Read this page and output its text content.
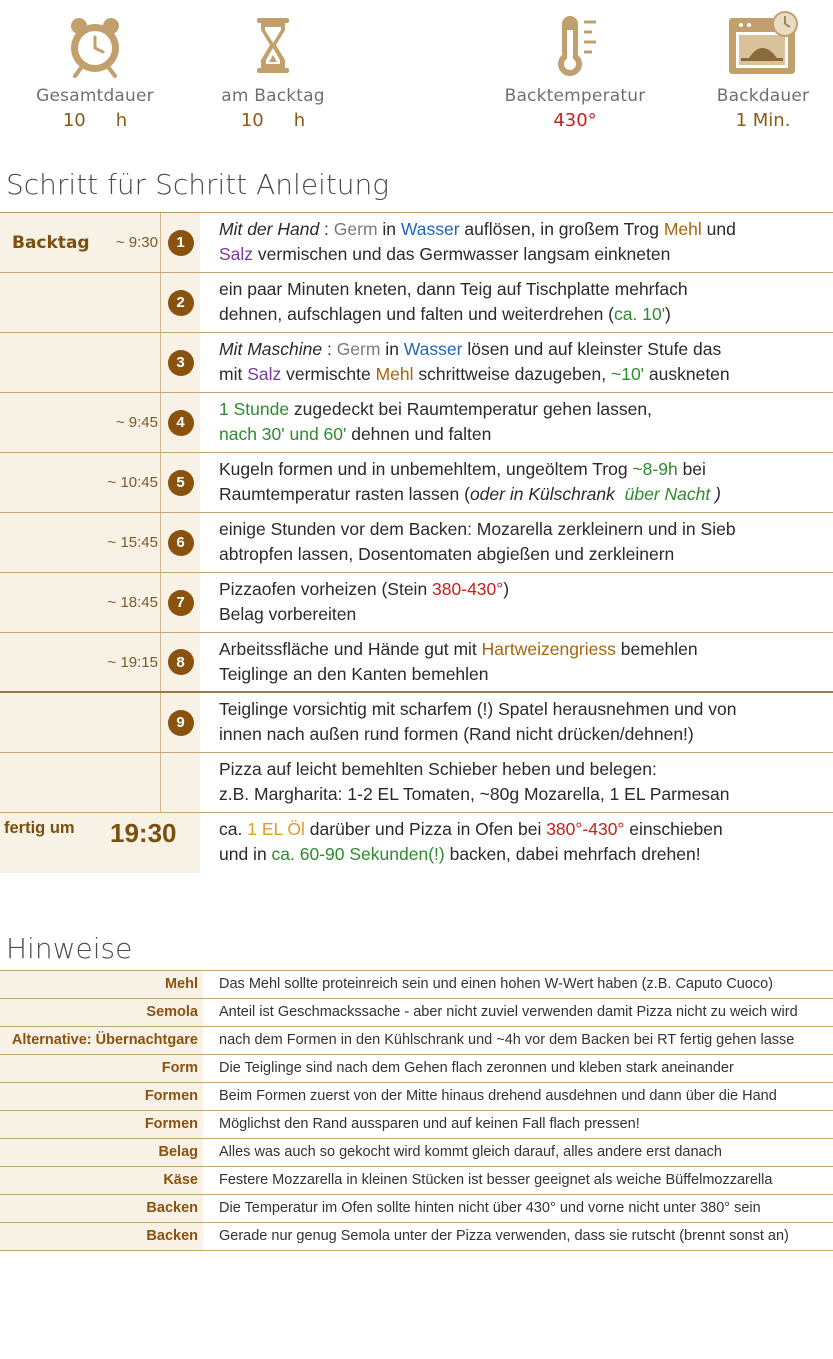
Gesamtdauer
10 h
am Backtag
10 h
Backtemperatur
430°
Backdauer
1 Min.
Schritt für Schritt Anleitung
Backtag	~ 9:30	1
Mit der Hand : Germ in Wasser auflösen, in großem Trog Mehl und
Salz vermischen und das Germwasser langsam einkneten
2
ein paar Minuten kneten, dann Teig auf Tischplatte mehrfach
dehnen, aufschlagen und falten und weiterdrehen (ca. 10')
3
Mit Maschine : Germ in Wasser lösen und auf kleinster Stufe das
mit Salz vermischte Mehl schrittweise dazugeben, ~10' auskneten
~ 9:45	4
1 Stunde zugedeckt bei Raumtemperatur gehen lassen,
nach 30' und 60' dehnen und falten
~ 10:45	5
Kugeln formen und in unbemehltem, ungeöltem Trog ~8-9h bei
Raumtemperatur rasten lassen (oder in Külschrank  über Nacht )
~ 15:45	6
einige Stunden vor dem Backen: Mozarella zerkleinern und in Sieb
abtropfen lassen, Dosentomaten abgießen und zerkleinern
~ 18:45	7
Pizzaofen vorheizen (Stein 380-430°)
Belag vorbereiten
~ 19:15	8
Arbeitssfläche und Hände gut mit Hartweizengriess bemehlen
Teiglinge an den Kanten bemehlen
9
Teiglinge vorsichtig mit scharfem (!) Spatel herausnehmen und von
innen nach außen rund formen (Rand nicht drücken/dehnen!)
Pizza auf leicht bemehlten Schieber heben und belegen:
z.B. Margharita: 1-2 EL Tomaten, ~80g Mozarella, 1 EL Parmesan
fertig um 19:30 ca. 1 EL Öl darüber und Pizza in Ofen bei 380°-430° einschieben
und in ca. 60-90 Sekunden(!) backen, dabei mehrfach drehen!
Hinweise
Mehl	Das Mehl sollte proteinreich sein und einen hohen W-Wert haben (z.B. Caputo Cuoco)
Semola	Anteil ist Geschmackssache - aber nicht zuviel verwenden damit Pizza nicht zu weich wird
Alternative: Übernachtgare	nach dem Formen in den Kühlschrank und ~4h vor dem Backen bei RT fertig gehen lasse
Form	Die Teiglinge sind nach dem Gehen flach zeronnen und kleben stark aneinander
Formen	Beim Formen zuerst von der Mitte hinaus drehend ausdehnen und dann über die Hand
Formen	Möglichst den Rand aussparen und auf keinen Fall flach pressen!
Belag	Alles was auch so gekocht wird kommt gleich darauf, alles andere erst danach
Käse	Festere Mozzarella in kleinen Stücken ist besser geeignet als weiche Büffelmozzarella
Backen	Die Temperatur im Ofen sollte hinten nicht über 430° und vorne nicht unter 380° sein
Backen	Gerade nur genug Semola unter der Pizza verwenden, dass sie rutscht (brennt sonst an)
